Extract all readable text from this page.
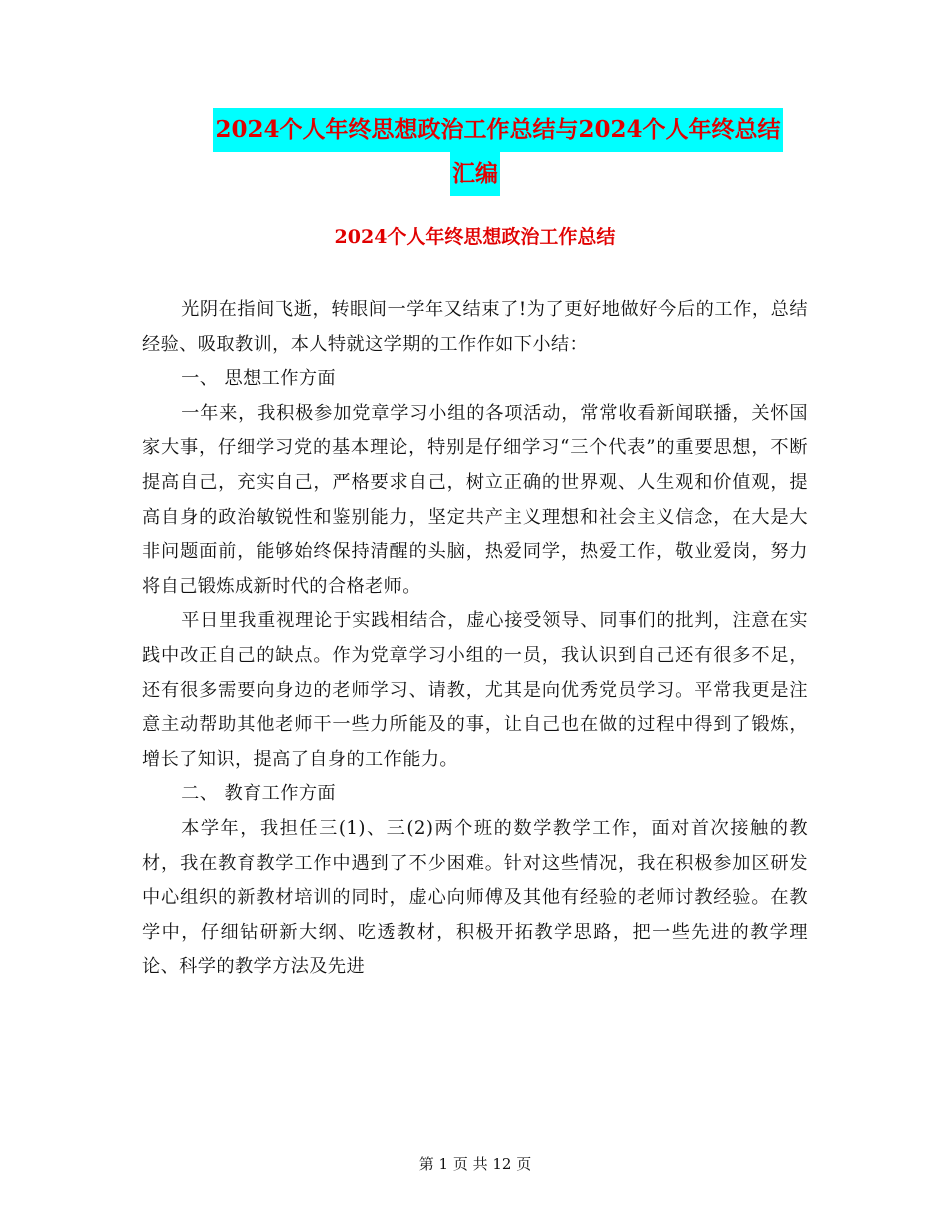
2024个人年终思想政治工作总结与2024个人年终总结
汇编
2024个人年终思想政治工作总结

光阴在指间飞逝，转眼间一学年又结束了!为了更好地做好今后的工作，总结经验、吸取教训，本人特就这学期的工作作如下小结：

一、 思想工作方面

一年来，我积极参加党章学习小组的各项活动，常常收看新闻联播，关怀国家大事，仔细学习党的基本理论，特别是仔细学习“三个代表”的重要思想，不断提高自己，充实自己，严格要求自己，树立正确的世界观、人生观和价值观，提高自身的政治敏锐性和鉴别能力，坚定共产主义理想和社会主义信念，在大是大非问题面前，能够始终保持清醒的头脑，热爱同学，热爱工作，敬业爱岗，努力将自己锻炼成新时代的合格老师。

平日里我重视理论于实践相结合，虚心接受领导、同事们的批判，注意在实践中改正自己的缺点。作为党章学习小组的一员，我认识到自己还有很多不足，还有很多需要向身边的老师学习、请教，尤其是向优秀党员学习。平常我更是注意主动帮助其他老师干一些力所能及的事，让自己也在做的过程中得到了锻炼，增长了知识，提高了自身的工作能力。

二、 教育工作方面

本学年，我担任三(1)、三(2)两个班的数学教学工作，面对首次接触的教材，我在教育教学工作中遇到了不少困难。针对这些情况，我在积极参加区研发中心组织的新教材培训的同时，虚心向师傅及其他有经验的老师讨教经验。在教学中，仔细钻研新大纲、吃透教材，积极开拓教学思路，把一些先进的教学理论、科学的教学方法及先进

第 1 页 共 12 页
